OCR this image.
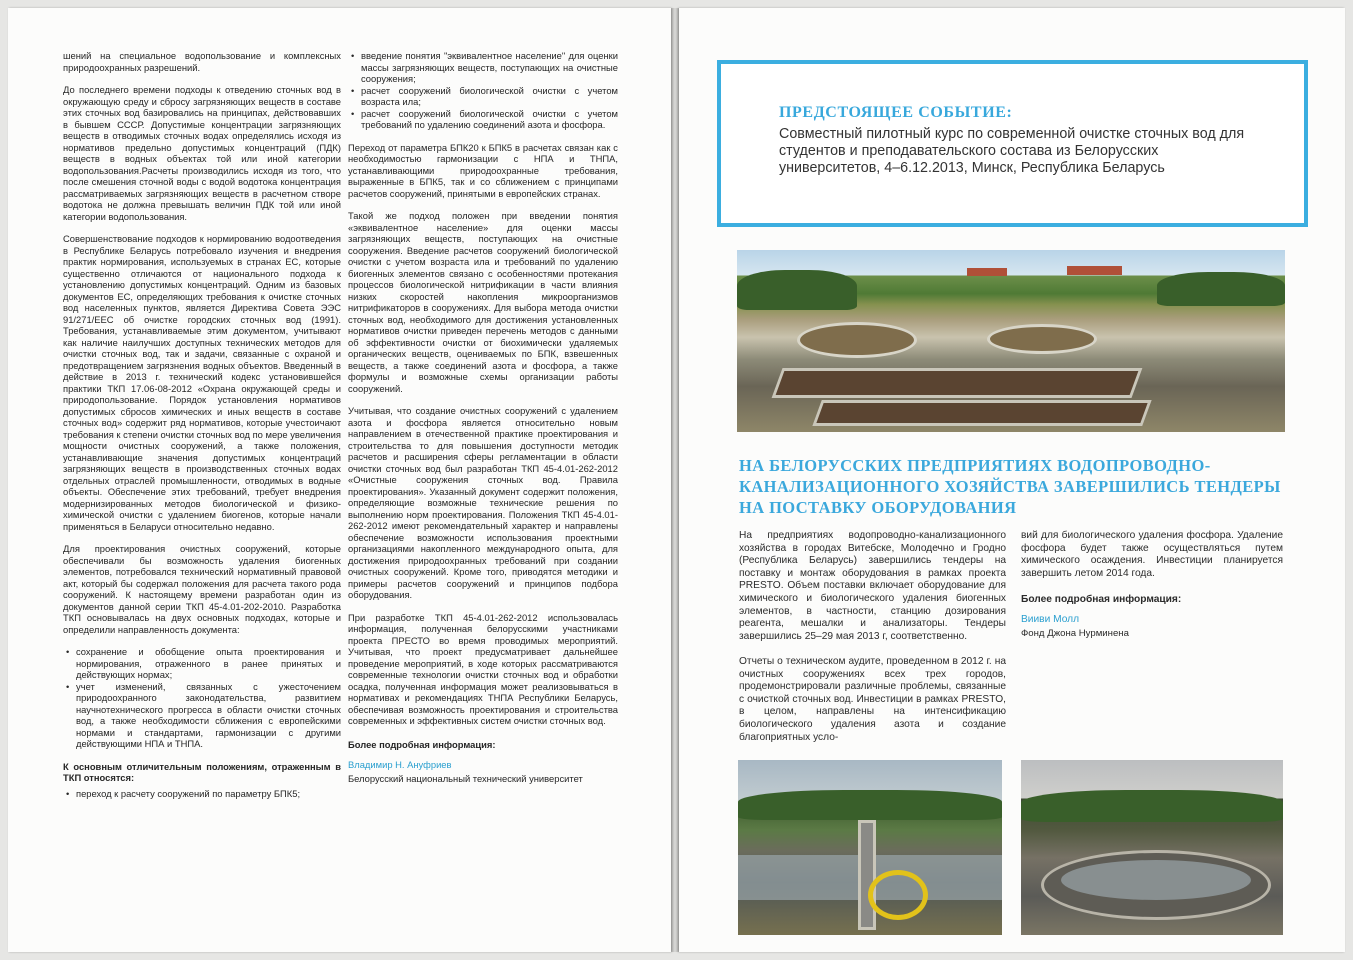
шений на специальное водопользование и комплексных природоохранных разрешений.

До последнего времени подходы к отведению сточных вод в окружающую среду и сбросу загрязняющих веществ в составе этих сточных вод базировались на принципах, действовавших в бывшем СССР. Допустимые концентрации загрязняющих веществ в отводимых сточных водах определялись исходя из нормативов предельно допустимых концентраций (ПДК) веществ в водных объектах той или иной категории водопользования.Расчеты производились исходя из того, что после смешения сточной воды с водой водотока концентрация рассматриваемых загрязняющих веществ в расчетном створе водотока не должна превышать величин ПДК той или иной категории водопользования.

Совершенствование подходов к нормированию водоотведения в Республике Беларусь потребовало изучения и внедрения практик нормирования, используемых в странах ЕС, которые существенно отличаются от национального подхода к установлению допустимых концентраций. Одним из базовых документов ЕС, определяющих требования к очистке сточных вод населенных пунктов, является Директива Совета ЭЭС 91/271/ЕЕС об очистке городских сточных вод (1991). Требования, устанавливаемые этим документом, учитывают как наличие наилучших доступных технических методов для очистки сточных вод, так и задачи, связанные с охраной и предотвращением загрязнения водных объектов. Введенный в действие в 2013 г. технический кодекс установившейся практики ТКП 17.06-08-2012 «Охрана окружающей среды и природопользование. Порядок установления нормативов допустимых сбросов химических и иных веществ в составе сточных вод» содержит ряд нормативов, которые учеcтоичают требования к степени очистки сточных вод по мере увеличения мощности очистных сооружений, а также положения, устанавливающие значения допустимых концентраций загрязняющих веществ в производственных сточных водах отдельных отраслей промышленности, отводимых в водные объекты. Обеспечение этих требований, требует внедрения модернизированных методов биологической и физико-химической очистки с удалением биогенов, которые начали применяться в Беларуси относительно недавно.

Для проектирования очистных сооружений, которые обеспечивали бы возможность удаления биогенных элементов, потребовался технический нормативный правовой акт, который бы содержал положения для расчета такого рода сооружений. К настоящему времени разработан один из документов данной серии ТКП 45-4.01-202-2010. Разработка ТКП основывалась на двух основных подходах, которые и определили направленность документа:

• сохранение и обобщение опыта проектирования и нормирования, отраженного в ранее принятых и действующих нормах;
• учет изменений, связанных с ужесточением природоохранного законодательства, развитием научнотехнического прогресса в области очистки сточных вод, а также необходимости сближения с европейскими нормами и стандартами, гармонизации с другими действующими НПА и ТНПА.

К основным отличительным положениям, отраженным в ТКП относятся:

• переход к расчету сооружений по параметру БПК5;
• введение понятия "эквивалентное население" для оценки массы загрязняющих веществ, поступающих на очистные сооружения;
• расчет сооружений биологической очистки с учетом возраста ила;
• расчет сооружений биологической очистки с учетом требований по удалению соединений азота и фосфора.

Переход от параметра БПК20 к БПК5 в расчетах связан как с необходимостью гармонизации с НПА и ТНПА, устанавливающими природоохранные требования, выраженные в БПК5, так и со сближением с принципами расчетов сооружений, принятыми в европейских странах.

Такой же подход положен при введении понятия «эквивалентное население» для оценки массы загрязняющих веществ, поступающих на очистные сооружения. Введение расчетов сооружений биологической очистки с учетом возраста ила и требований по удалению биогенных элементов связано с особенностями протекания процессов биологической нитрификации в части влияния низких скоростей накопления микроорганизмов нитрификаторов в сооружениях. Для выбора метода очистки сточных вод, необходимого для достижения установленных нормативов очистки приведен перечень методов с данными об эффективности очистки от биохимически удаляемых органических веществ, оцениваемых по БПК, взвешенных веществ, а также соединений азота и фосфора, а также формулы и возможные схемы организации работы сооружений.

Учитывая, что создание очистных сооружений с удалением азота и фосфора является относительно новым направлением в отечественной практике проектирования и строительства то для повышения доступности методик расчетов и расширения сферы регламентации в области очистки сточных вод был разработан ТКП 45-4.01-262-2012 «Очистные сооружения сточных вод. Правила проектирования». Указанный документ содержит положения, определяющие возможные технические решения по выполнению норм проектирования. Положения ТКП 45-4.01-262-2012 имеют рекомендательный характер и направлены обеспечение возможности использования проектными организациями накопленного международного опыта, для достижения природоохранных требований при создании очистных сооружений. Кроме того, приводятся методики и примеры расчетов сооружений и принципов подбора оборудования.

При разработке ТКП 45-4.01-262-2012 использовалась информация, полученная белорусскими участниками проекта ПРЕСТО во время проводимых мероприятий. Учитывая, что проект предусматривает дальнейшее проведение мероприятий, в ходе которых рассматриваются современные технологии очистки сточных вод и обработки осадка, полученная информация может реализовываться в нормативах и рекомендациях ТНПА Республики Беларусь, обеспечивая возможность проектирования и строительства современных и эффективных систем очистки сточных вод.

Более подробная информация:
Владимир Н. Ануфриев
Белорусский национальный технический университет
ПРЕДСТОЯЩЕЕ СОБЫТИЕ:
Совместный пилотный курс по современной очистке сточных вод для студентов и преподавательского состава из Белорусских университетов, 4–6.12.2013, Минск, Республика Беларусь
НА БЕЛОРУССКИХ ПРЕДПРИЯТИЯХ ВОДОПРОВОДНО-КАНАЛИЗАЦИОННОГО ХОЗЯЙСТВА ЗАВЕРШИЛИСЬ ТЕНДЕРЫ НА ПОСТАВКУ ОБОРУДОВАНИЯ

На предприятиях водопроводно-канализационного хозяйства в городах Витебске, Молодечно и Гродно (Республика Беларусь) завершились тендеры на поставку и монтаж оборудования в рамках проекта PRESTO. Объем поставки включает оборудование для химического и биологического удаления биогенных элементов, в частности, станцию дозирования реагента, мешалки и анализаторы. Тендеры завершились 25–29 мая 2013 г, соответственно.

Отчеты о техническом аудите, проведенном в 2012 г. на очистных сооружениях всех трех городов, продемонстрировали различные проблемы, связанные с очисткой сточных вод. Инвестиции в рамках PRESTO, в целом, направлены на интенсификацию биологического удаления азота и создание благоприятных усло-

вий для биологического удаления фосфора. Удаление фосфора будет также осуществляться путем химического осаждения. Инвестиции планируется завершить летом 2014 года.

Более подробная информация:
Вииви Молл
Фонд Джона Нурминена
